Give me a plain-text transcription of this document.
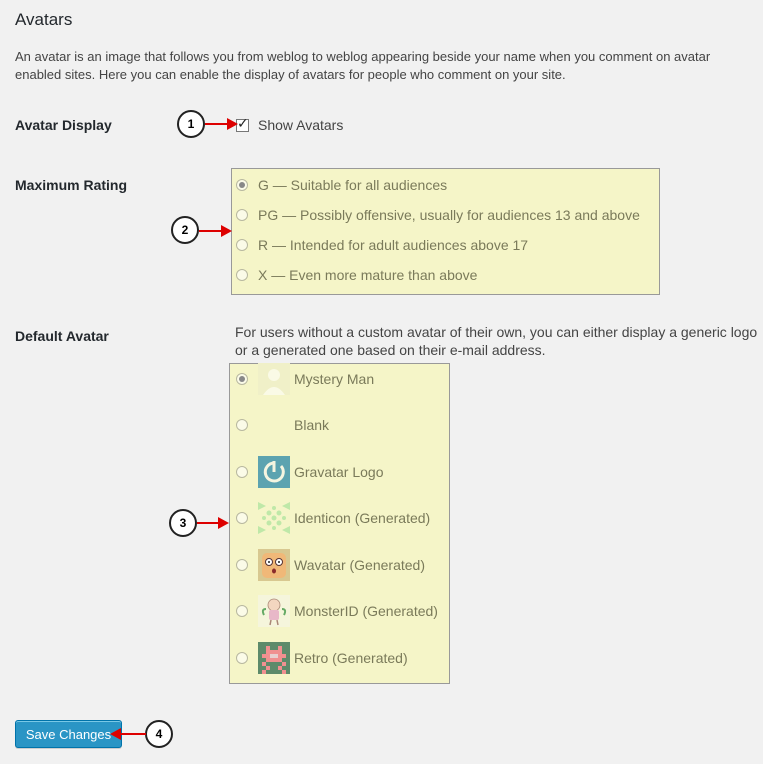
Avatars

An avatar is an image that follows you from weblog to weblog appearing beside your name when you comment on avatar enabled sites. Here you can enable the display of avatars for people who comment on your site.

Avatar Display	✓ Show Avatars
Maximum Rating	G — Suitable for all audiences
PG — Possibly offensive, usually for audiences 13 and above
R — Intended for adult audiences above 17
X — Even more mature than above
Default Avatar	For users without a custom avatar of their own, you can either display a generic logo or a generated one based on their e-mail address.
Mystery Man
Blank
Gravatar Logo
Identicon (Generated)
Wavatar (Generated)
MonsterID (Generated)
Retro (Generated)
Save Changes
1
2
3
4
